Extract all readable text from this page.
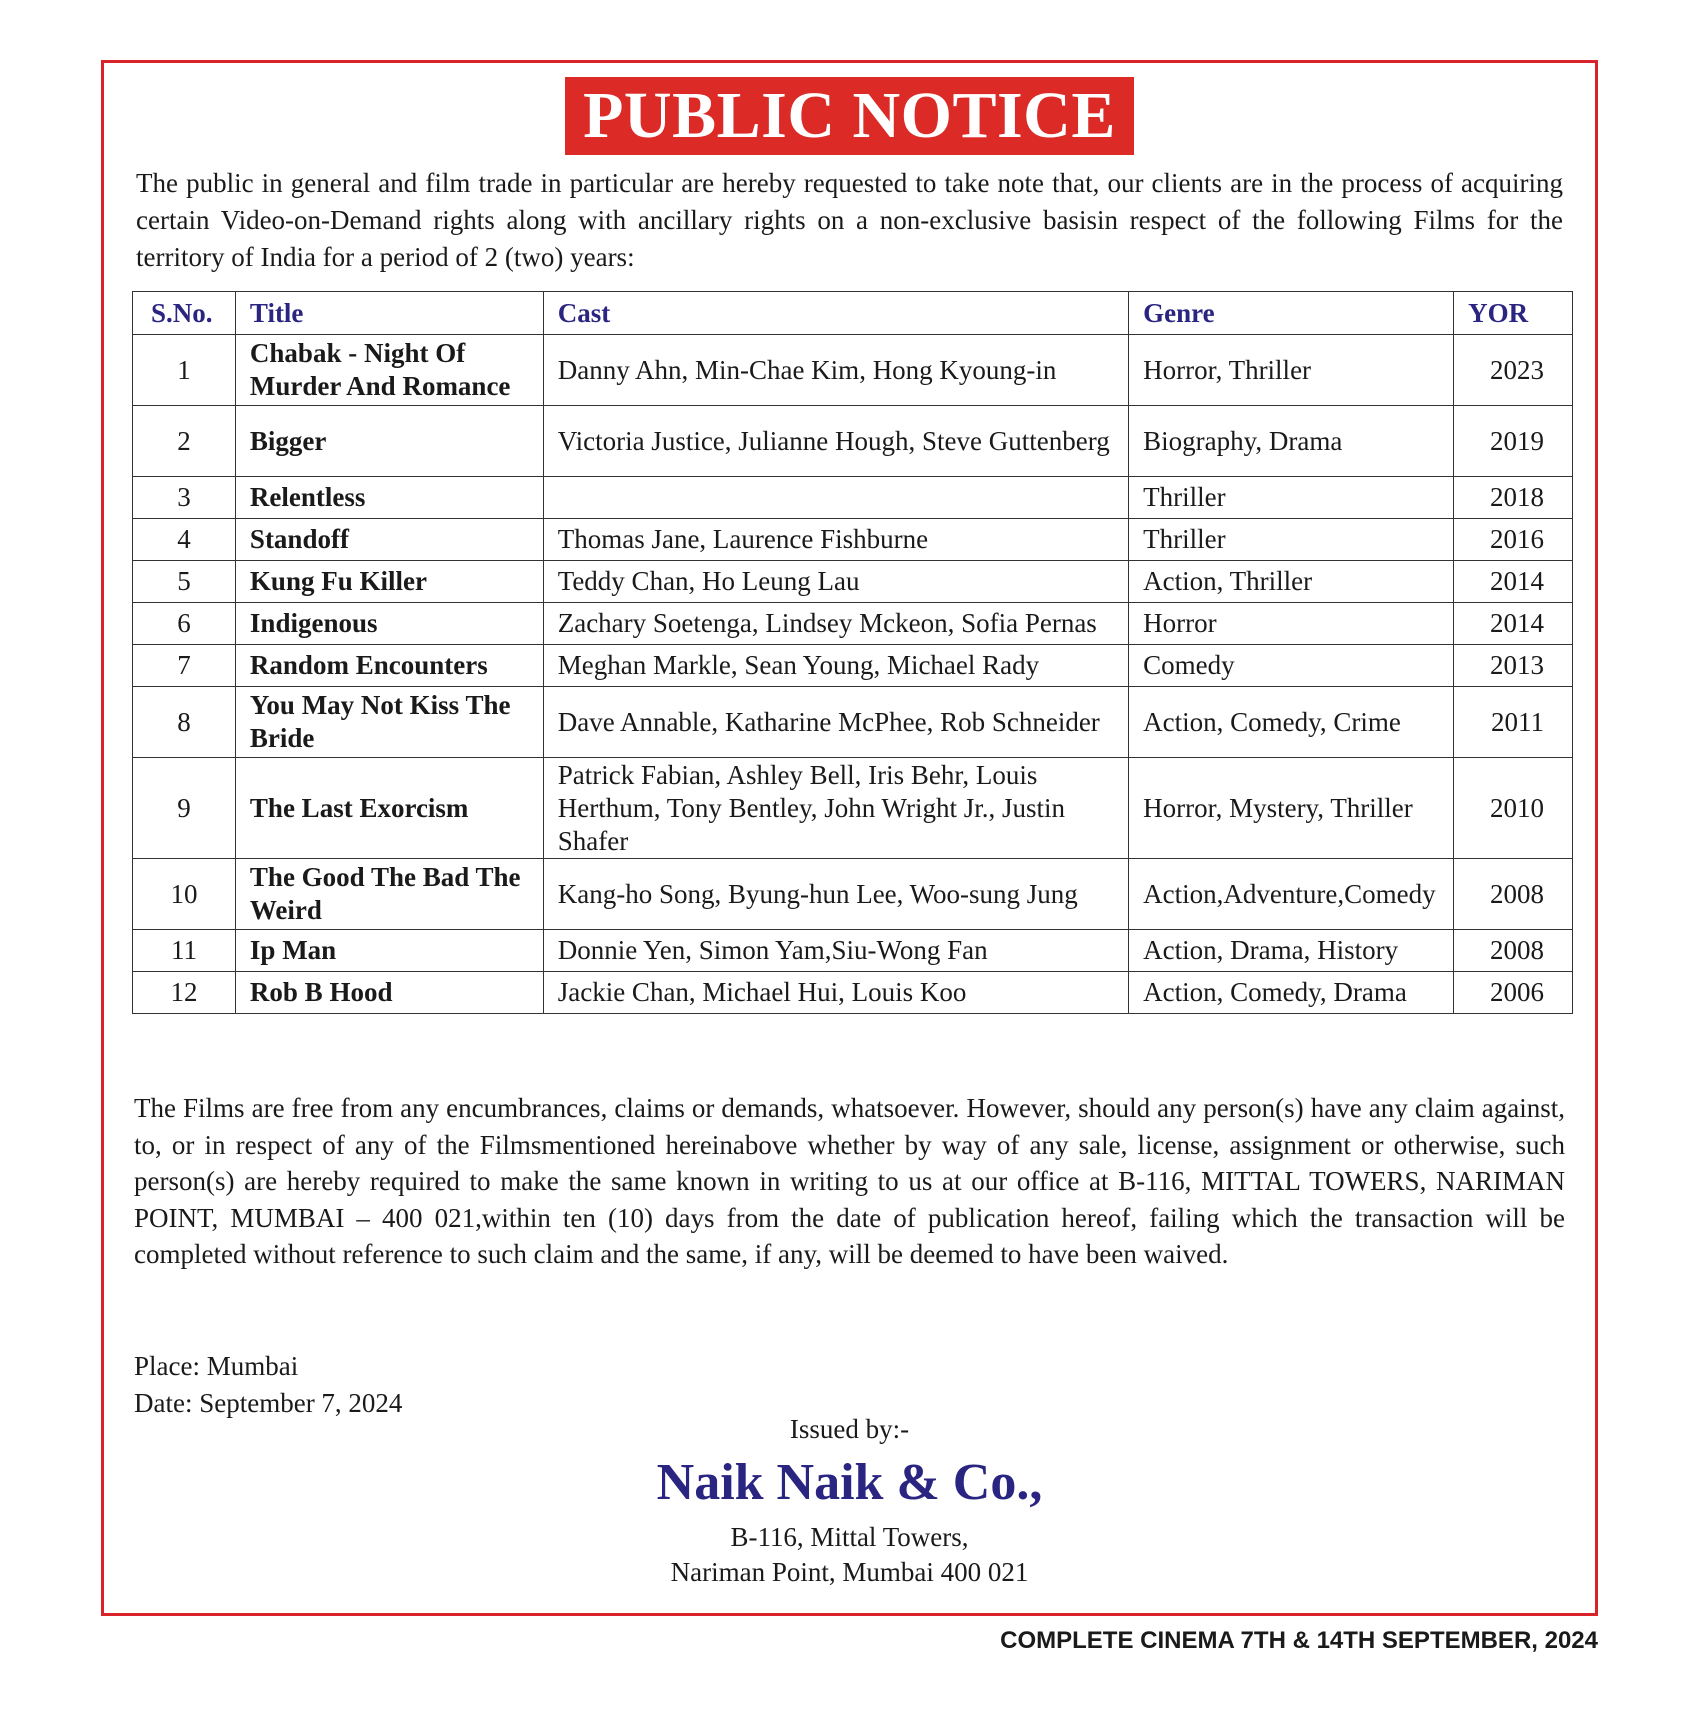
PUBLIC NOTICE
The public in general and film trade in particular are hereby requested to take note that, our clients are in the process of acquiring certain Video-on-Demand rights along with ancillary rights on a non-exclusive basisin respect of the following Films for the territory of India for a period of 2 (two) years:
S.No.	Title	Cast	Genre	YOR
1	Chabak - Night Of Murder And Romance	Danny Ahn, Min-Chae Kim, Hong Kyoung-in	Horror, Thriller	2023
2	Bigger	Victoria Justice, Julianne Hough, Steve Guttenberg	Biography, Drama	2019
3	Relentless		Thriller	2018
4	Standoff	Thomas Jane, Laurence Fishburne	Thriller	2016
5	Kung Fu Killer	Teddy Chan, Ho Leung Lau	Action, Thriller	2014
6	Indigenous	Zachary Soetenga, Lindsey Mckeon, Sofia Pernas	Horror	2014
7	Random Encounters	Meghan Markle, Sean Young, Michael Rady	Comedy	2013
8	You May Not Kiss The Bride	Dave Annable, Katharine McPhee, Rob Schneider	Action, Comedy, Crime	2011
9	The Last Exorcism	Patrick Fabian, Ashley Bell, Iris Behr, Louis Herthum, Tony Bentley, John Wright Jr., Justin Shafer	Horror, Mystery, Thriller	2010
10	The Good The Bad The Weird	Kang-ho Song, Byung-hun Lee, Woo-sung Jung	Action,Adventure,Comedy	2008
11	Ip Man	Donnie Yen, Simon Yam,Siu-Wong Fan	Action, Drama, History	2008
12	Rob B Hood	Jackie Chan, Michael Hui, Louis Koo	Action, Comedy, Drama	2006
The Films are free from any encumbrances, claims or demands, whatsoever. However, should any person(s) have any claim against, to, or in respect of any of the Filmsmentioned hereinabove whether by way of any sale, license, assignment or otherwise, such person(s) are hereby required to make the same known in writing to us at our office at B-116, MITTAL TOWERS, NARIMAN POINT, MUMBAI – 400 021,within ten (10) days from the date of publication hereof, failing which the transaction will be completed without reference to such claim and the same, if any, will be deemed to have been waived.
Place: Mumbai
Date: September 7, 2024
Issued by:-
Naik Naik & Co.,
B-116, Mittal Towers,
Nariman Point, Mumbai 400 021
COMPLETE CINEMA 7TH & 14TH SEPTEMBER, 2024
